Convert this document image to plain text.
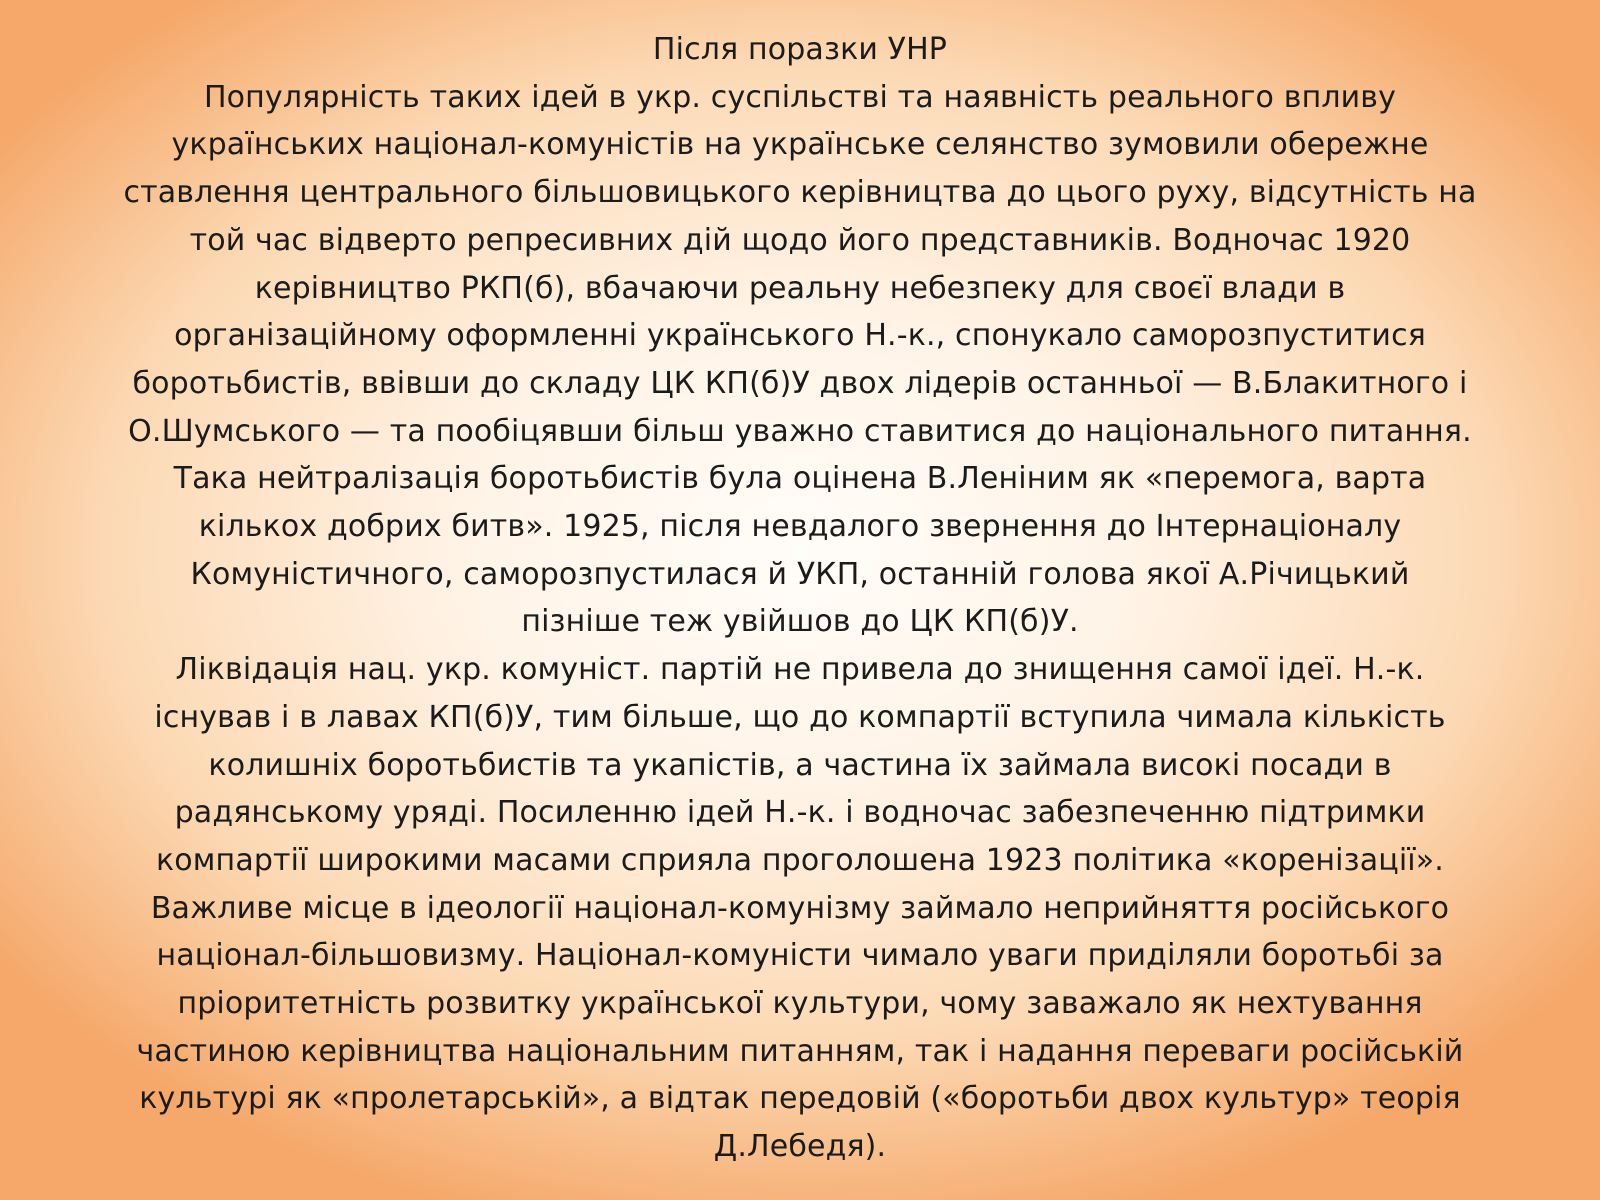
Після поразки УНР
Популярність таких ідей в укр. суспільстві та наявність реального впливу
українських націонал-комуністів на українське селянство зумовили обережне
ставлення центрального більшовицького керівництва до цього руху, відсутність на
той час відверто репресивних дій щодо його представників. Водночас 1920
керівництво РКП(б), вбачаючи реальну небезпеку для своєї влади в
організаційному оформленні українського Н.-к., спонукало саморозпуститися
боротьбистів, ввівши до складу ЦК КП(б)У двох лідерів останньої — В.Блакитного і
О.Шумського — та пообіцявши більш уважно ставитися до національного питання.
Така нейтралізація боротьбистів була оцінена В.Леніним як «перемога, варта
кількох добрих битв». 1925, після невдалого звернення до Інтернаціоналу
Комуністичного, саморозпустилася й УКП, останній голова якої А.Річицький
пізніше теж увійшов до ЦК КП(б)У.
Ліквідація нац. укр. комуніст. партій не привела до знищення самої ідеї. Н.-к.
існував і в лавах КП(б)У, тим більше, що до компартії вступила чимала кількість
колишніх боротьбистів та укапістів, а частина їх займала високі посади в
радянському уряді. Посиленню ідей Н.-к. і водночас забезпеченню підтримки
компартії широкими масами сприяла проголошена 1923 політика «коренізації».
Важливе місце в ідеології націонал-комунізму займало неприйняття російського
націонал-більшовизму. Націонал-комуністи чимало уваги приділяли боротьбі за
пріоритетність розвитку української культури, чому заважало як нехтування
частиною керівництва національним питанням, так і надання переваги російській
культурі як «пролетарській», а відтак передовій («боротьби двох культур» теорія
Д.Лебедя).
